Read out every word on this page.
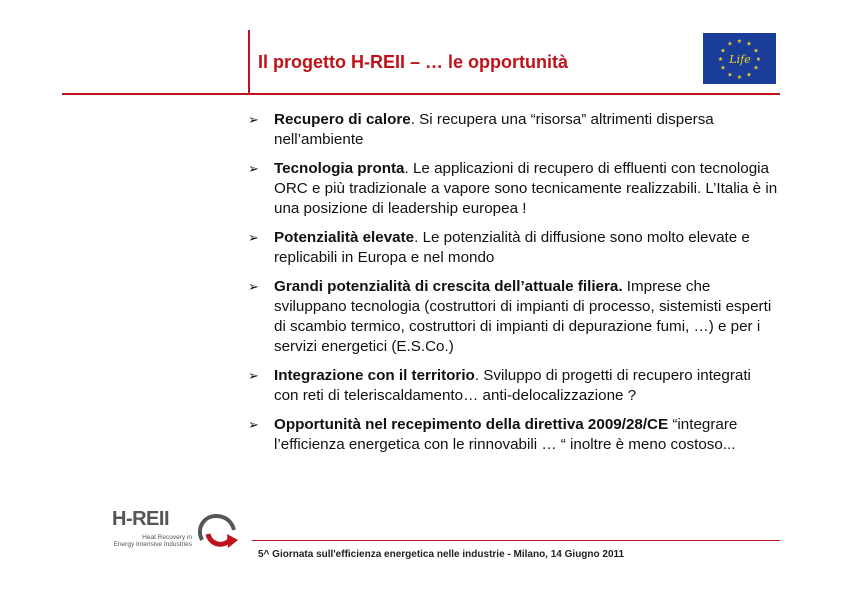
Il progetto H-REII – … le opportunità
★ ★
★
★
★
★
★
★
★
★
★
★
Life
➢ Recupero di calore. Si recupera una “risorsa” altrimenti dispersa nell’ambiente
➢ Tecnologia pronta. Le applicazioni di recupero di effluenti con tecnologia ORC e più tradizionale a vapore sono tecnicamente realizzabili. L’Italia è in una posizione di leadership europea !
➢ Potenzialità elevate. Le potenzialità di diffusione sono molto elevate e replicabili in Europa e nel mondo
➢ Grandi potenzialità di crescita dell’attuale filiera. Imprese che sviluppano tecnologia (costruttori di impianti di processo, sistemisti esperti di scambio termico, costruttori di impianti di depurazione fumi, …) e per i servizi energetici (E.S.Co.)
➢ Integrazione con il territorio. Sviluppo di progetti di recupero integrati con reti di teleriscaldamento… anti-delocalizzazione ?
➢ Opportunità nel recepimento della direttiva 2009/28/CE “integrare l’efficienza energetica con le rinnovabili … “ inoltre è meno costoso...
H-REII
Heat Recovery in
Energy Intensive Industries
5^ Giornata sull'efficienza energetica nelle industrie - Milano, 14 Giugno 2011
